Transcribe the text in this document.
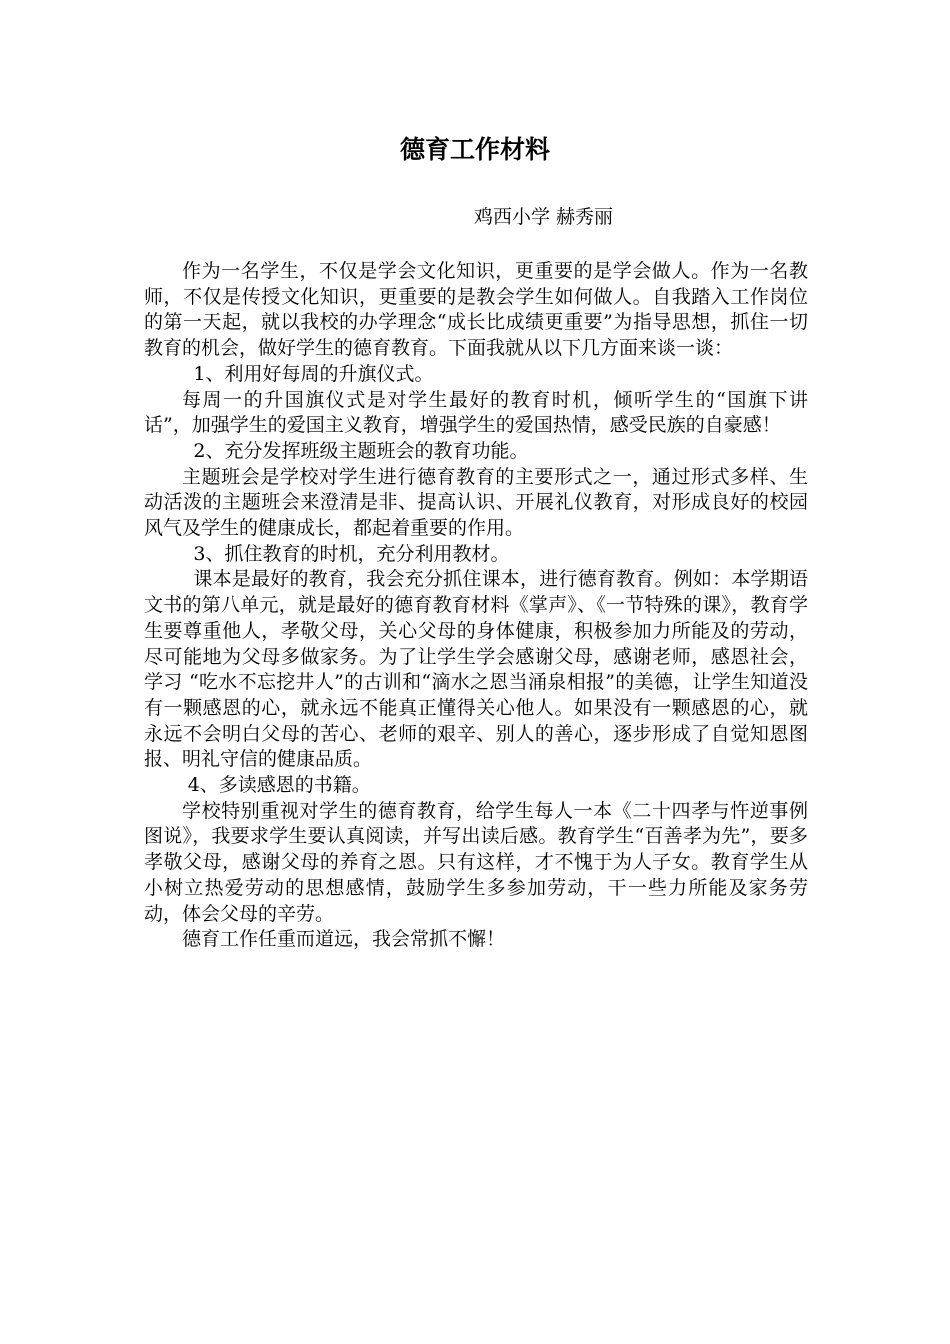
德育工作材料

鸡西小学 赫秀丽

作为一名学生，不仅是学会文化知识，更重要的是学会做人。作为一名教师，不仅是传授文化知识，更重要的是教会学生如何做人。自我踏入工作岗位的第一天起，就以我校的办学理念“成长比成绩更重要”为指导思想，抓住一切教育的机会，做好学生的德育教育。下面我就从以下几方面来谈一谈：

1、利用好每周的升旗仪式。

每周一的升国旗仪式是对学生最好的教育时机，倾听学生的“国旗下讲话”，加强学生的爱国主义教育，增强学生的爱国热情，感受民族的自豪感！

2、充分发挥班级主题班会的教育功能。

主题班会是学校对学生进行德育教育的主要形式之一，通过形式多样、生动活泼的主题班会来澄清是非、提高认识、开展礼仪教育，对形成良好的校园风气及学生的健康成长，都起着重要的作用。

3、抓住教育的时机，充分利用教材。

课本是最好的教育，我会充分抓住课本，进行德育教育。例如：本学期语文书的第八单元，就是最好的德育教育材料《掌声》、《一节特殊的课》，教育学生要尊重他人，孝敬父母，关心父母的身体健康，积极参加力所能及的劳动，尽可能地为父母多做家务。为了让学生学会感谢父母，感谢老师，感恩社会，学习 “吃水不忘挖井人”的古训和“滴水之恩当涌泉相报”的美德，让学生知道没有一颗感恩的心，就永远不能真正懂得关心他人。如果没有一颗感恩的心，就永远不会明白父母的苦心、老师的艰辛、别人的善心，逐步形成了自觉知恩图报、明礼守信的健康品质。

4、多读感恩的书籍。

学校特别重视对学生的德育教育，给学生每人一本《二十四孝与忤逆事例图说》，我要求学生要认真阅读，并写出读后感。教育学生“百善孝为先”，要多孝敬父母，感谢父母的养育之恩。只有这样，才不愧于为人子女。教育学生从小树立热爱劳动的思想感情，鼓励学生多参加劳动，干一些力所能及家务劳动，体会父母的辛劳。

德育工作任重而道远，我会常抓不懈！
